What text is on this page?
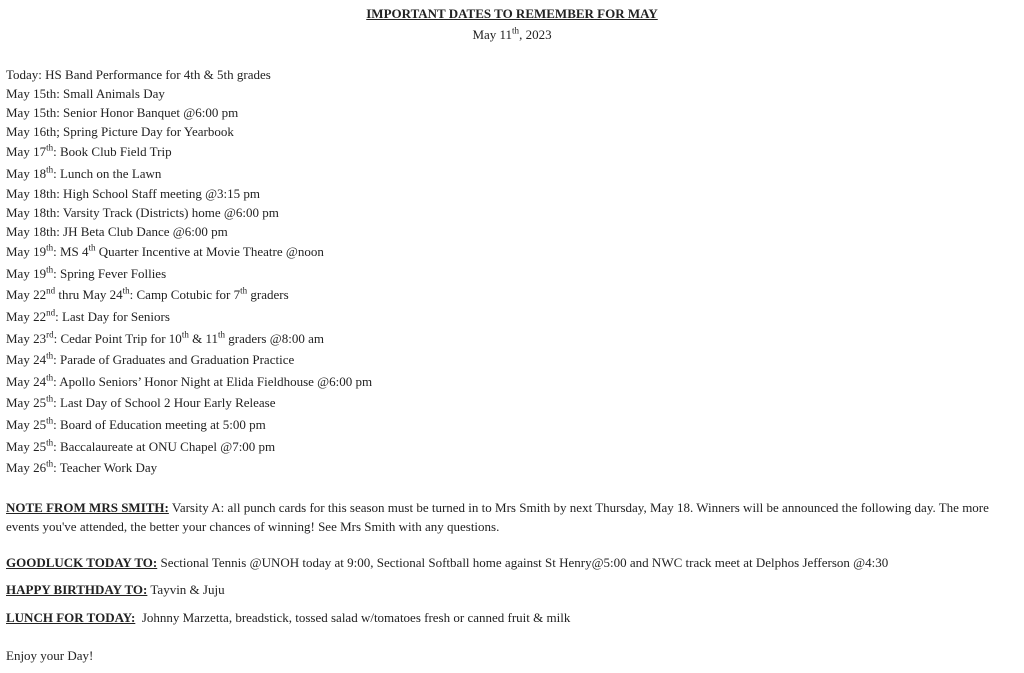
IMPORTANT DATES TO REMEMBER FOR MAY
May 11th, 2023
Today: HS Band Performance for 4th & 5th grades
May 15th: Small Animals Day
May 15th: Senior Honor Banquet @6:00 pm
May 16th; Spring Picture Day for Yearbook
May 17th: Book Club Field Trip
May 18th: Lunch on the Lawn
May 18th: High School Staff meeting @3:15 pm
May 18th: Varsity Track (Districts) home @6:00 pm
May 18th: JH Beta Club Dance @6:00 pm
May 19th: MS 4th Quarter Incentive at Movie Theatre @noon
May 19th: Spring Fever Follies
May 22nd thru May 24th: Camp Cotubic for 7th graders
May 22nd: Last Day for Seniors
May 23rd: Cedar Point Trip for 10th & 11th graders @8:00 am
May 24th: Parade of Graduates and Graduation Practice
May 24th: Apollo Seniors’ Honor Night at Elida Fieldhouse @6:00 pm
May 25th: Last Day of School 2 Hour Early Release
May 25th: Board of Education meeting at 5:00 pm
May 25th: Baccalaureate at ONU Chapel @7:00 pm
May 26th: Teacher Work Day
NOTE FROM MRS SMITH: Varsity A: all punch cards for this season must be turned in to Mrs Smith by next Thursday, May 18. Winners will be announced the following day. The more events you've attended, the better your chances of winning! See Mrs Smith with any questions.
GOODLUCK TODAY TO: Sectional Tennis @UNOH today at 9:00, Sectional Softball home against St Henry@5:00 and NWC track meet at Delphos Jefferson @4:30
HAPPY BIRTHDAY TO: Tayvin & Juju
LUNCH FOR TODAY:  Johnny Marzetta, breadstick, tossed salad w/tomatoes fresh or canned fruit & milk
Enjoy your Day!
